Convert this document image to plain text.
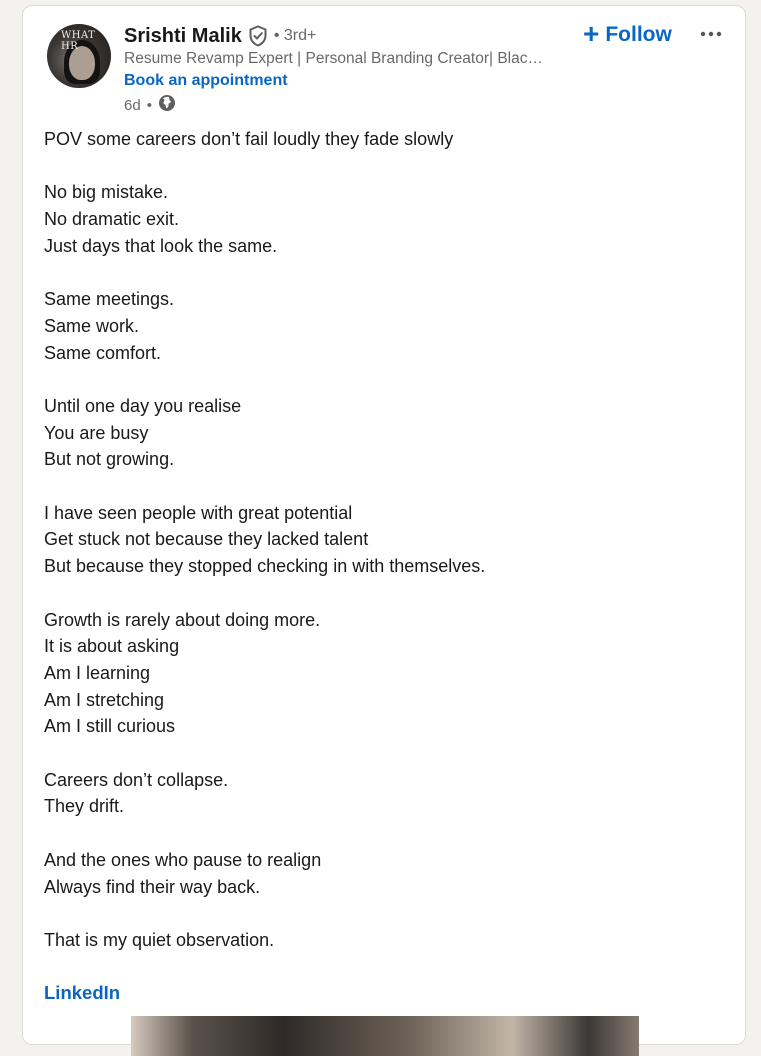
WHAT HR	Srishti Malik • 3rd+
Resume Revamp Expert | Personal Branding Creator| Blac…
Book an appointment
6d •
+ Follow
POV some careers don’t fail loudly they fade slowly
No big mistake.
No dramatic exit.
Just days that look the same.
Same meetings.
Same work.
Same comfort.
Until one day you realise
You are busy
But not growing.
I have seen people with great potential
Get stuck not because they lacked talent
But because they stopped checking in with themselves.
Growth is rarely about doing more.
It is about asking
Am I learning
Am I stretching
Am I still curious
Careers don’t collapse.
They drift.
And the ones who pause to realign
Always find their way back.
That is my quiet observation.
LinkedIn
